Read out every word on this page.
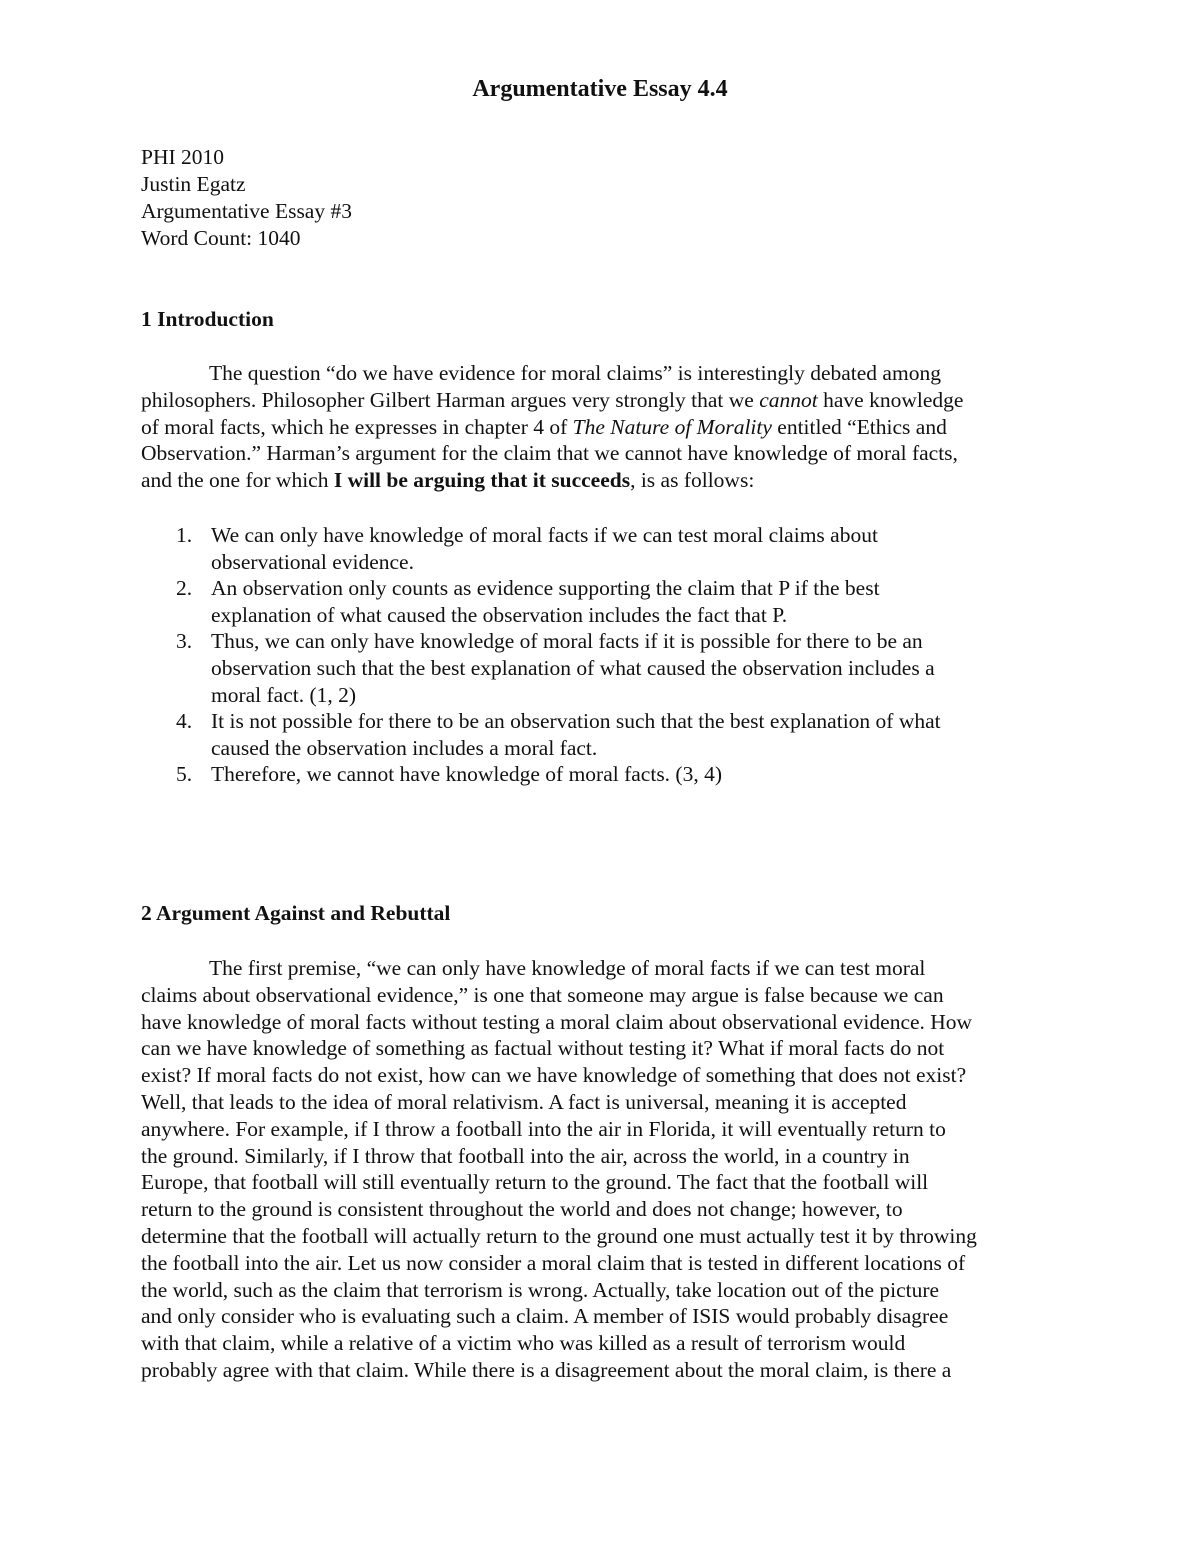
Argumentative Essay 4.4
PHI 2010
Justin Egatz
Argumentative Essay #3
Word Count: 1040
1 Introduction
The question “do we have evidence for moral claims” is interestingly debated among
philosophers. Philosopher Gilbert Harman argues very strongly that we cannot have knowledge
of moral facts, which he expresses in chapter 4 of The Nature of Morality entitled “Ethics and
Observation.” Harman’s argument for the claim that we cannot have knowledge of moral facts,
and the one for which I will be arguing that it succeeds, is as follows:
1. We can only have knowledge of moral facts if we can test moral claims about
observational evidence.
2. An observation only counts as evidence supporting the claim that P if the best
explanation of what caused the observation includes the fact that P.
3. Thus, we can only have knowledge of moral facts if it is possible for there to be an
observation such that the best explanation of what caused the observation includes a
moral fact. (1, 2)
4. It is not possible for there to be an observation such that the best explanation of what
caused the observation includes a moral fact.
5. Therefore, we cannot have knowledge of moral facts. (3, 4)
2 Argument Against and Rebuttal
The first premise, “we can only have knowledge of moral facts if we can test moral
claims about observational evidence,” is one that someone may argue is false because we can
have knowledge of moral facts without testing a moral claim about observational evidence. How
can we have knowledge of something as factual without testing it? What if moral facts do not
exist? If moral facts do not exist, how can we have knowledge of something that does not exist?
Well, that leads to the idea of moral relativism. A fact is universal, meaning it is accepted
anywhere. For example, if I throw a football into the air in Florida, it will eventually return to
the ground. Similarly, if I throw that football into the air, across the world, in a country in
Europe, that football will still eventually return to the ground. The fact that the football will
return to the ground is consistent throughout the world and does not change; however, to
determine that the football will actually return to the ground one must actually test it by throwing
the football into the air. Let us now consider a moral claim that is tested in different locations of
the world, such as the claim that terrorism is wrong. Actually, take location out of the picture
and only consider who is evaluating such a claim. A member of ISIS would probably disagree
with that claim, while a relative of a victim who was killed as a result of terrorism would
probably agree with that claim. While there is a disagreement about the moral claim, is there a
